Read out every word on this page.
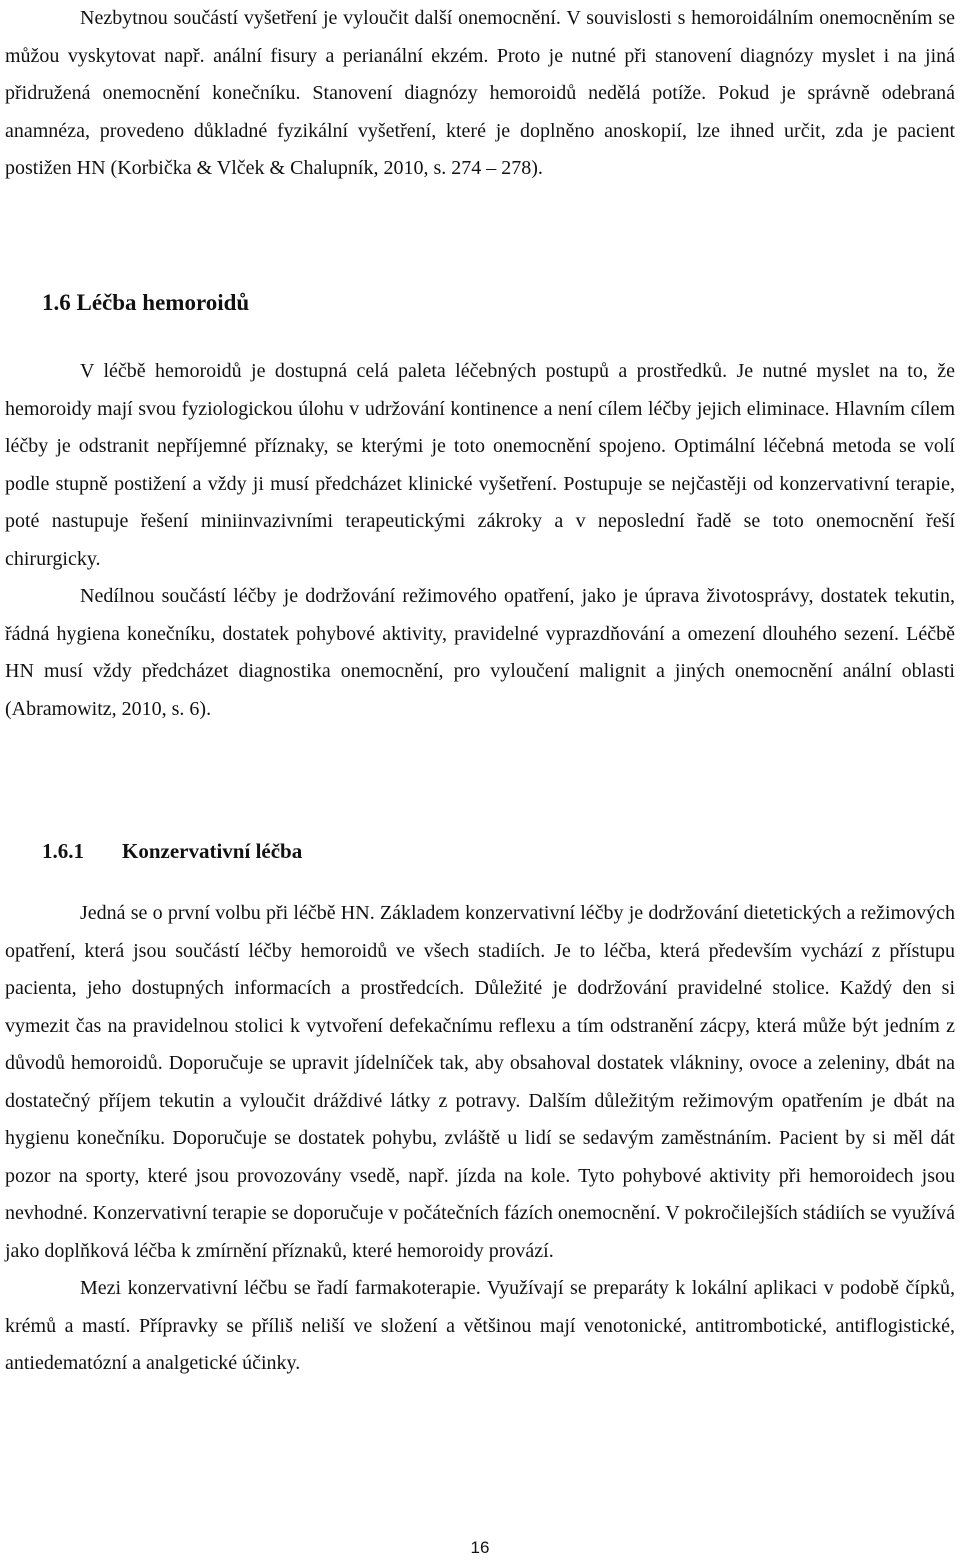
Nezbytnou součástí vyšetření je vyloučit další onemocnění. V souvislosti s hemoroidálním onemocněním se můžou vyskytovat např. anální fisury a perianální ekzém. Proto je nutné při stanovení diagnózy myslet i na jiná přidružená onemocnění konečníku. Stanovení diagnózy hemoroidů nedělá potíže. Pokud je správně odebraná anamnéza, provedeno důkladné fyzikální vyšetření, které je doplněno anoskopií, lze ihned určit, zda je pacient postižen HN (Korbička & Vlček & Chalupník, 2010, s. 274 – 278).

1.6 Léčba hemoroidů

V léčbě hemoroidů je dostupná celá paleta léčebných postupů a prostředků. Je nutné myslet na to, že hemoroidy mají svou fyziologickou úlohu v udržování kontinence a není cílem léčby jejich eliminace. Hlavním cílem léčby je odstranit nepříjemné příznaky, se kterými je toto onemocnění spojeno. Optimální léčebná metoda se volí podle stupně postižení a vždy ji musí předcházet klinické vyšetření. Postupuje se nejčastěji od konzervativní terapie, poté nastupuje řešení miniinvazivními terapeutickými zákroky a v neposlední řadě se toto onemocnění řeší chirurgicky.

Nedílnou součástí léčby je dodržování režimového opatření, jako je úprava životosprávy, dostatek tekutin, řádná hygiena konečníku, dostatek pohybové aktivity, pravidelné vyprazdňování a omezení dlouhého sezení. Léčbě HN musí vždy předcházet diagnostika onemocnění, pro vyloučení malignit a jiných onemocnění anální oblasti (Abramowitz, 2010, s. 6).

1.6.1 Konzervativní léčba

Jedná se o první volbu při léčbě HN. Základem konzervativní léčby je dodržování dietetických a režimových opatření, která jsou součástí léčby hemoroidů ve všech stadiích. Je to léčba, která především vychází z přístupu pacienta, jeho dostupných informacích a prostředcích. Důležité je dodržování pravidelné stolice. Každý den si vymezit čas na pravidelnou stolici k vytvoření defekačnímu reflexu a tím odstranění zácpy, která může být jedním z důvodů hemoroidů. Doporučuje se upravit jídelníček tak, aby obsahoval dostatek vlákniny, ovoce a zeleniny, dbát na dostatečný příjem tekutin a vyloučit dráždivé látky z potravy. Dalším důležitým režimovým opatřením je dbát na hygienu konečníku. Doporučuje se dostatek pohybu, zvláště u lidí se sedavým zaměstnáním. Pacient by si měl dát pozor na sporty, které jsou provozovány vsedě, např. jízda na kole. Tyto pohybové aktivity při hemoroidech jsou nevhodné. Konzervativní terapie se doporučuje v počátečních fázích onemocnění. V pokročilejších stádiích se využívá jako doplňková léčba k zmírnění příznaků, které hemoroidy provází.

Mezi konzervativní léčbu se řadí farmakoterapie. Využívají se preparáty k lokální aplikaci v podobě čípků, krémů a mastí. Přípravky se příliš neliší ve složení a většinou mají venotonické, antitrombotické, antiflogistické, antiedematózní a analgetické účinky.

16
